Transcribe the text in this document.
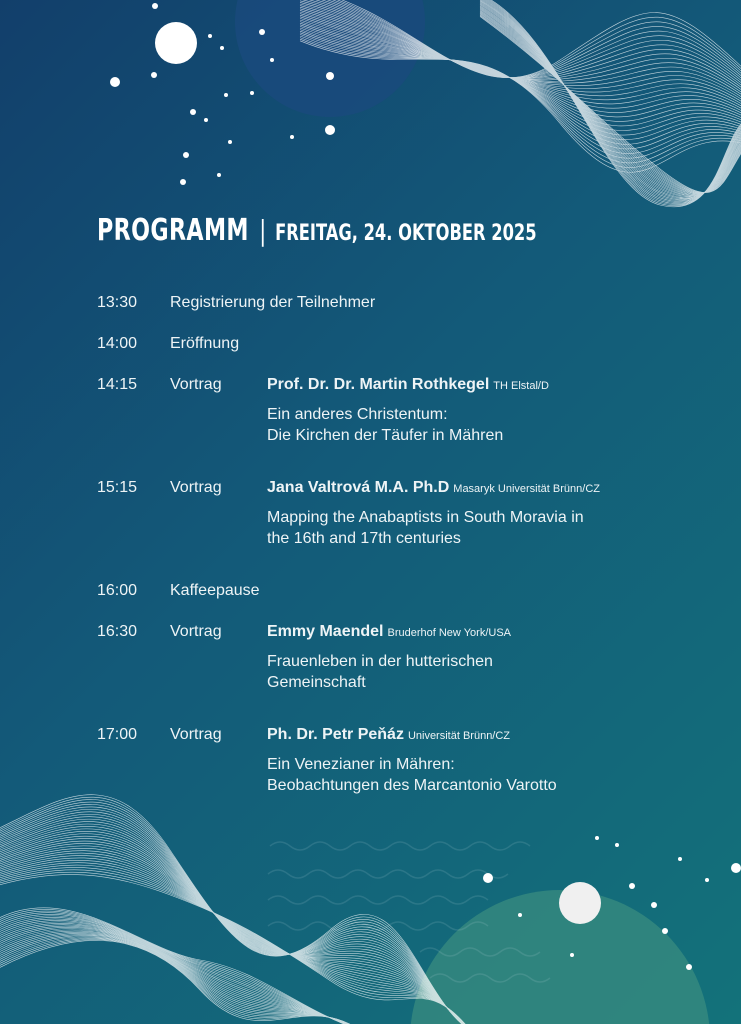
PROGRAMM | FREITAG, 24. OKTOBER 2025
13:30 Registrierung der Teilnehmer
14:00 Eröffnung
14:15 Vortrag	Prof. Dr. Dr. Martin Rothkegel TH Elstal/D
Ein anderes Christentum:
Die Kirchen der Täufer in Mähren
15:15 Vortrag	Jana Valtrová M.A. Ph.D Masaryk Universität Brünn/CZ
Mapping the Anabaptists in South Moravia in
the 16th and 17th centuries
16:00 Kaffeepause
16:30 Vortrag	Emmy Maendel Bruderhof New York/USA
Frauenleben in der hutterischen
Gemeinschaft
17:00 Vortrag	Ph. Dr. Petr Peňáz Universität Brünn/CZ
Ein Venezianer in Mähren:
Beobachtungen des Marcantonio Varotto
